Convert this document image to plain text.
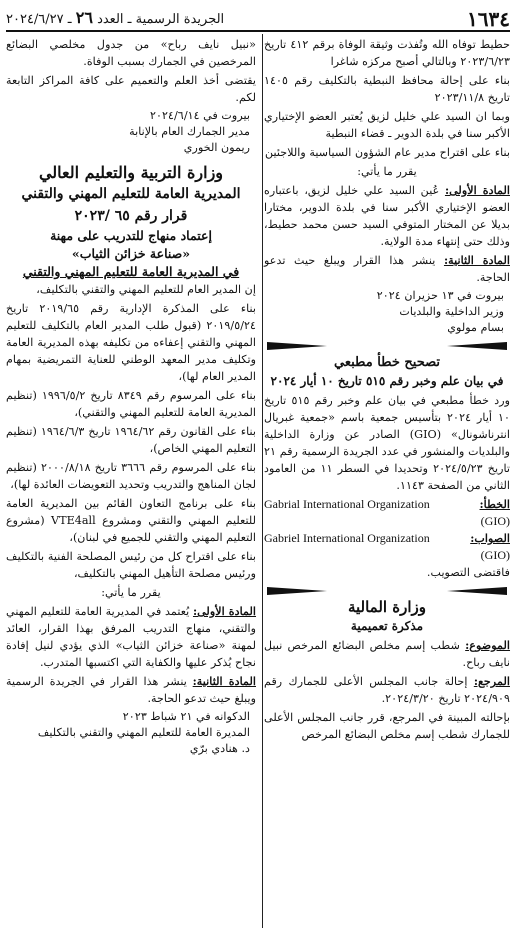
١٦٣٤
الجريدة الرسمية ـ العدد ٢٦ ـ ٢٠٢٤/٦/٢٧

حطيط توفاه الله وتُفذت وثيقة الوفاة برقم ٤١٢ تاريخ ٢٠٢٣/٦/٢٣ وبالتالي أصبح مركزه شاغرا

بناء على إحالة محافظ النبطية بالتكليف رقم ١٤٠٥ تاريخ ٢٠٢٣/١١/٨

وبما ان السيد علي خليل لزيق يُعتبر العضو الإختياري الأكبر سنا في بلدة الدوير ـ قضاء النبطية

بناء على اقتراح مدير عام الشؤون السياسية واللاجئين

يقرر ما يأتي:

المادة الأولى: عُين السيد علي خليل لزيق، باعتباره العضو الإختياري الأكبر سنا في بلدة الدوير، مختارا بديلا عن المختار المتوفي السيد حسن محمد حطيط، وذلك حتى إنتهاء مدة الولاية.

المادة الثانية: ينشر هذا القرار ويبلغ حيث تدعو الحاجة.

بيروت في ١٣ حزيران ٢٠٢٤
وزير الداخلية والبلديات
بسام مولوي

تصحيح خطأ مطبعي

في بيان علم وخبر رقم ٥١٥ تاريخ ١٠ أيار ٢٠٢٤

ورد خطأ مطبعي في بيان علم وخبر رقم ٥١٥ تاريخ ١٠ أيار ٢٠٢٤ بتأسيس جمعية باسم «جمعية غبريال انترناشونال» (GIO) الصادر عن وزارة الداخلية والبلديات والمنشور في عدد الجريدة الرسمية رقم ٢١ تاريخ ٢٠٢٤/٥/٢٣ وتحديدا في السطر ١١ من العامود الثاني من الصفحة ١١٤٣.

الخطأ:
Gabrial International Organization
(GIO)
الصواب:
Gabriel International Organization
(GIO)

فاقتضى التصويب.

وزارة المالية

مذكرة تعميمية

الموضوع: شطب إسم مخلص البضائع المرخص نبيل نايف رباح.

المرجع: إحالة جانب المجلس الأعلى للجمارك رقم ٢٠٢٤/٩٠٩ تاريخ ٢٠٢٤/٣/٢٠.

بإحالته المبينة في المرجع، قرر جانب المجلس الأعلى للجمارك شطب إسم مخلص البضائع المرخص

«نبيل نايف رباح» من جدول مخلصي البضائع المرخصين في الجمارك بسبب الوفاة.

يقتضى أخذ العلم والتعميم على كافة المراكز التابعة لكم.

بيروت في ٢٠٢٤/٦/١٤
مدير الجمارك العام بالإنابة
ريمون الخوري
وزارة التربية والتعليم العالي
المديرية العامة للتعليم المهني والتقني
قرار رقم ٦٥ /٢٠٢٣
إعتماد منهاج للتدريب على مهنة
«صناعة خزائن الثياب»
في المديرية العامة للتعليم المهني والتقني

إن المدير العام للتعليم المهني والتقني بالتكليف،

بناء على المذكرة الإدارية رقم ٢٠١٩/٦٥ تاريخ ٢٠١٩/٥/٢٤ (قبول طلب المدير العام بالتكليف للتعليم المهني والتقني إعفاءه من تكليفه بهذه المديرية العامة وتكليف مدير المعهد الوطني للعناية التمريضية بمهام المدير العام لها)،

بناء على المرسوم رقم ٨٣٤٩ تاريخ ١٩٩٦/٥/٢ (تنظيم المديرية العامة للتعليم المهني والتقني)،

بناء على القانون رقم ١٩٦٤/٦٢ تاريخ ١٩٦٤/٦/٣ (تنظيم التعليم المهني الخاص)،

بناء على المرسوم رقم ٣٦٦٦ تاريخ ٢٠٠٠/٨/١٨ (تنظيم لجان المناهج والتدريب وتحديد التعويضات العائدة لها)،

بناء على برنامج التعاون القائم بين المديرية العامة للتعليم المهني والتقني ومشروع VTE4all (مشروع التعليم المهني والتقني للجميع في لبنان)،

بناء على اقتراح كل من رئيس المصلحة الفنية بالتكليف ورئيس مصلحة التأهيل المهني بالتكليف،

يقرر ما يأتي:

المادة الأولى: يُعتمد في المديرية العامة للتعليم المهني والتقني، منهاج التدريب المرفق بهذا القرار، العائد لمهنة «صناعة خزائن الثياب» الذي يؤدي لنيل إفادة نجاح يُذكر عليها والكفاية التي اكتسبها المتدرب.

المادة الثانية: ينشر هذا القرار في الجريدة الرسمية ويبلغ حيث تدعو الحاجة.

الدكوانه في ٢١ شباط ٢٠٢٣
المديرة العامة للتعليم المهني والتقني بالتكليف
د. هنادي برّي
